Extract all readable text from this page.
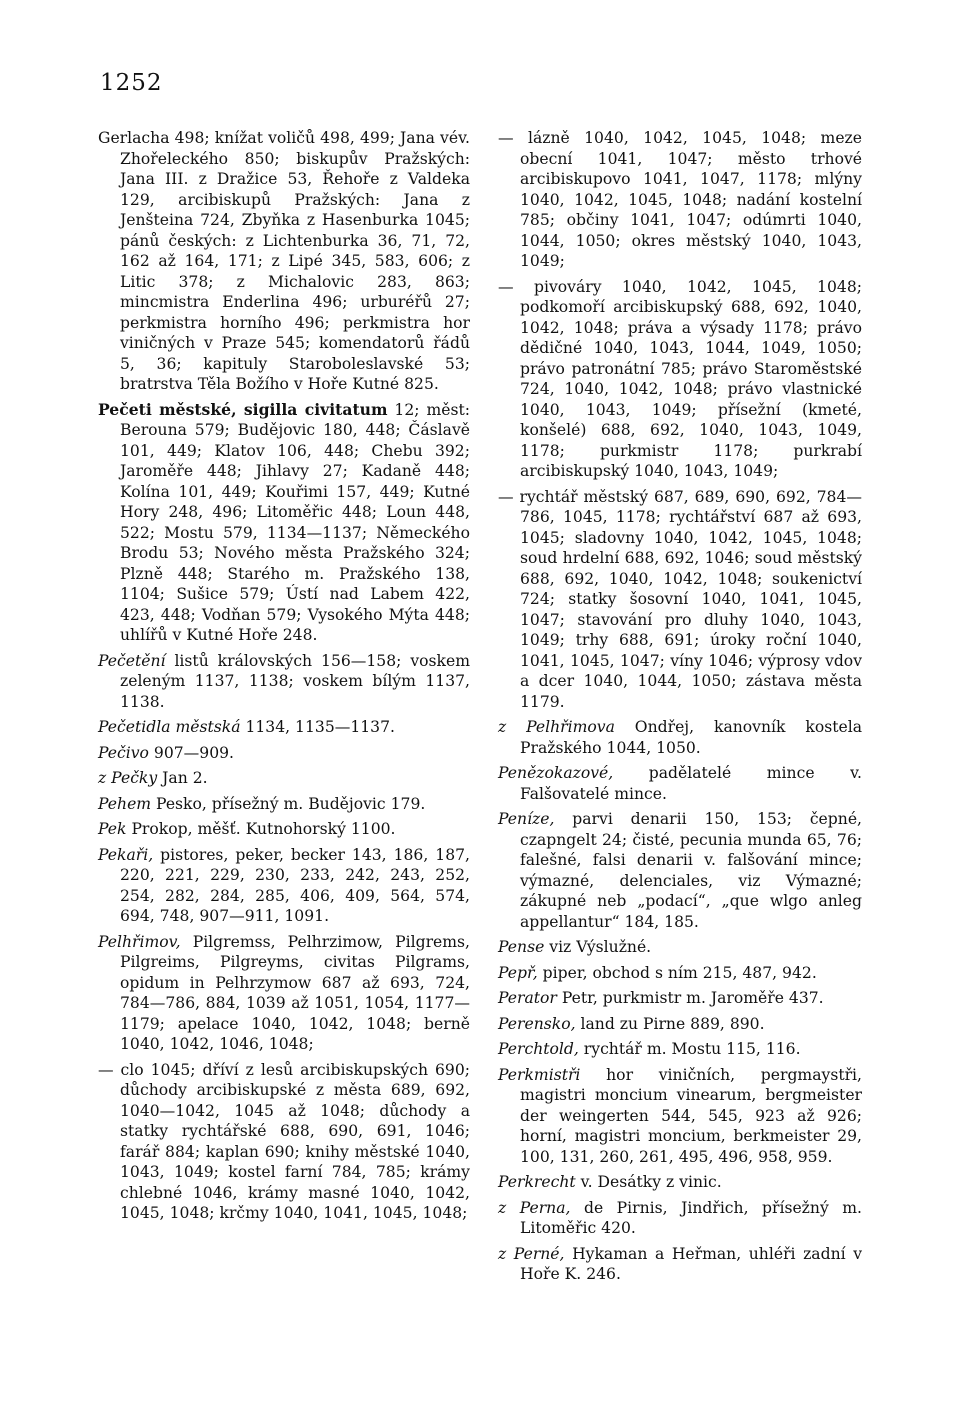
1252

Gerlacha 498; knížat voličů 498, 499; Jana vév. Zhořeleckého 850; biskupův Pražských: Jana III. z Dražice 53, Řehoře z Valdeka 129, arcibiskupů Pražských: Jana z Jenšteina 724, Zbyňka z Hasenburka 1045; pánů českých: z Lichtenburka 36, 71, 72, 162 až 164, 171; z Lipé 345, 583, 606; z Litic 378; z Michalovic 283, 863; mincmistra Enderlina 496; urburéřů 27; perkmistra horního 496; perkmistra hor viničných v Praze 545; komendatorů řádů 5, 36; kapituly Staroboleslavské 53; bratrstva Těla Božího v Hoře Kutné 825.

Pečeti městské, sigilla civitatum 12; měst: Berouna 579; Budějovic 180, 448; Čáslavě 101, 449; Klatov 106, 448; Chebu 392; Jaroměře 448; Jihlavy 27; Kadaně 448; Kolína 101, 449; Kouřimi 157, 449; Kutné Hory 248, 496; Litoměřic 448; Loun 448, 522; Mostu 579, 1134—1137; Německého Brodu 53; Nového města Pražského 324; Plzně 448; Starého m. Pražského 138, 1104; Sušice 579; Ústí nad Labem 422, 423, 448; Vodňan 579; Vysokého Mýta 448; uhlířů v Kutné Hoře 248.

Pečetění listů královských 156—158; voskem zeleným 1137, 1138; voskem bílým 1137, 1138.

Pečetidla městská 1134, 1135—1137.

Pečivo 907—909.

z Pečky Jan 2.

Pehem Pesko, přísežný m. Budějovic 179.

Pek Prokop, měšť. Kutnohorský 1100.

Pekaři, pistores, peker, becker 143, 186, 187, 220, 221, 229, 230, 233, 242, 243, 252, 254, 282, 284, 285, 406, 409, 564, 574, 694, 748, 907—911, 1091.

Pelhřimov, Pilgremss, Pelhrzimow, Pilgrems, Pilgreims, Pilgreyms, civitas Pilgrams, opidum in Pelhrzymow 687 až 693, 724, 784—786, 884, 1039 až 1051, 1054, 1177—1179; apelace 1040, 1042, 1048; berně 1040, 1042, 1046, 1048;

— clo 1045; dříví z lesů arcibiskupských 690; důchody arcibiskupské z města 689, 692, 1040—1042, 1045 až 1048; důchody a statky rychtářské 688, 690, 691, 1046; farář 884; kaplan 690; knihy městské 1040, 1043, 1049; kostel farní 784, 785; krámy chlebné 1046, krámy masné 1040, 1042, 1045, 1048; krčmy 1040, 1041, 1045, 1048;

— lázně 1040, 1042, 1045, 1048; meze obecní 1041, 1047; město trhové arcibiskupovo 1041, 1047, 1178; mlýny 1040, 1042, 1045, 1048; nadání kostelní 785; občiny 1041, 1047; odúmrti 1040, 1044, 1050; okres městský 1040, 1043, 1049;

— pivováry 1040, 1042, 1045, 1048; podkomoří arcibiskupský 688, 692, 1040, 1042, 1048; práva a výsady 1178; právo dědičné 1040, 1043, 1044, 1049, 1050; právo patronátní 785; právo Staroměstské 724, 1040, 1042, 1048; právo vlastnické 1040, 1043, 1049; přísežní (kmeté, konšelé) 688, 692, 1040, 1043, 1049, 1178; purkmistr 1178; purkrabí arcibiskupský 1040, 1043, 1049;

— rychtář městský 687, 689, 690, 692, 784—786, 1045, 1178; rychtářství 687 až 693, 1045; sladovny 1040, 1042, 1045, 1048; soud hrdelní 688, 692, 1046; soud městský 688, 692, 1040, 1042, 1048; soukenictví 724; statky šosovní 1040, 1041, 1045, 1047; stavování pro dluhy 1040, 1043, 1049; trhy 688, 691; úroky roční 1040, 1041, 1045, 1047; víny 1046; výprosy vdov a dcer 1040, 1044, 1050; zástava města 1179.

z Pelhřimova Ondřej, kanovník kostela Pražského 1044, 1050.

Penězokazové, padělatelé mince v. Falšovatelé mince.

Peníze, parvi denarii 150, 153; čepné, czapngelt 24; čisté, pecunia munda 65, 76; falešné, falsi denarii v. falšování mince; výmazné, delenciales, viz Výmazné; zákupné neb „podací“, „que wlgo anleg appellantur“ 184, 185.

Pense viz Výslužné.

Pepř, piper, obchod s ním 215, 487, 942.

Perator Petr, purkmistr m. Jaroměře 437.

Perensko, land zu Pirne 889, 890.

Perchtold, rychtář m. Mostu 115, 116.

Perkmistři hor viničních, pergmaystři, magistri moncium vinearum, bergmeister der weingerten 544, 545, 923 až 926; horní, magistri moncium, berkmeister 29, 100, 131, 260, 261, 495, 496, 958, 959.

Perkrecht v. Desátky z vinic.

z Perna, de Pirnis, Jindřich, přísežný m. Litoměřic 420.

z Perné, Hykaman a Heřman, uhléři zadní v Hoře K. 246.
